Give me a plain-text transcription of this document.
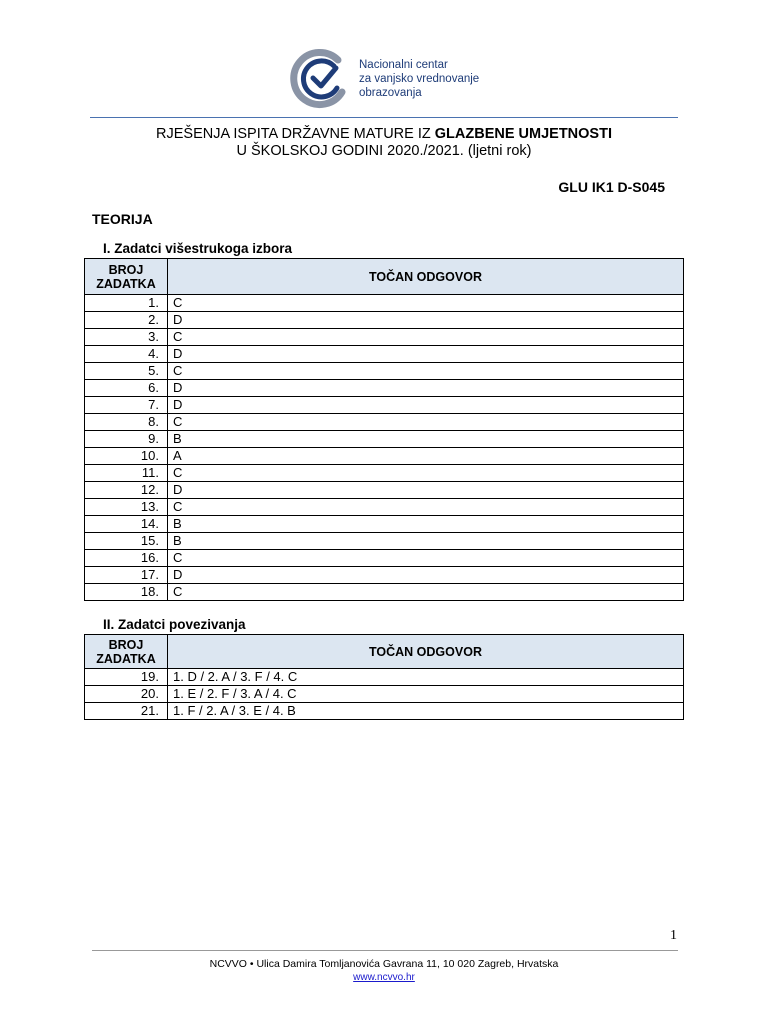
Nacionalni centar
za vanjsko vrednovanje
obrazovanja
RJEŠENJA ISPITA DRŽAVNE MATURE IZ GLAZBENE UMJETNOSTI
U ŠKOLSKOJ GODINI 2020./2021. (ljetni rok)
GLU IK1 D-S045
TEORIJA
I. Zadatci višestrukoga izbora
BROJ
ZADATKA	TOČAN ODGOVOR
1.	C
2.	D
3.	C
4.	D
5.	C
6.	D
7.	D
8.	C
9.	B
10.	A
11.	C
12.	D
13.	C
14.	B
15.	B
16.	C
17.	D
18.	C
II. Zadatci povezivanja
BROJ
ZADATKA	TOČAN ODGOVOR
19.	1. D / 2. A / 3. F / 4. C
20.	1. E / 2. F / 3. A / 4. C
21.	1. F / 2. A / 3. E / 4. B
1
NCVVO • Ulica Damira Tomljanovića Gavrana 11, 10 020 Zagreb, Hrvatska
www.ncvvo.hr
